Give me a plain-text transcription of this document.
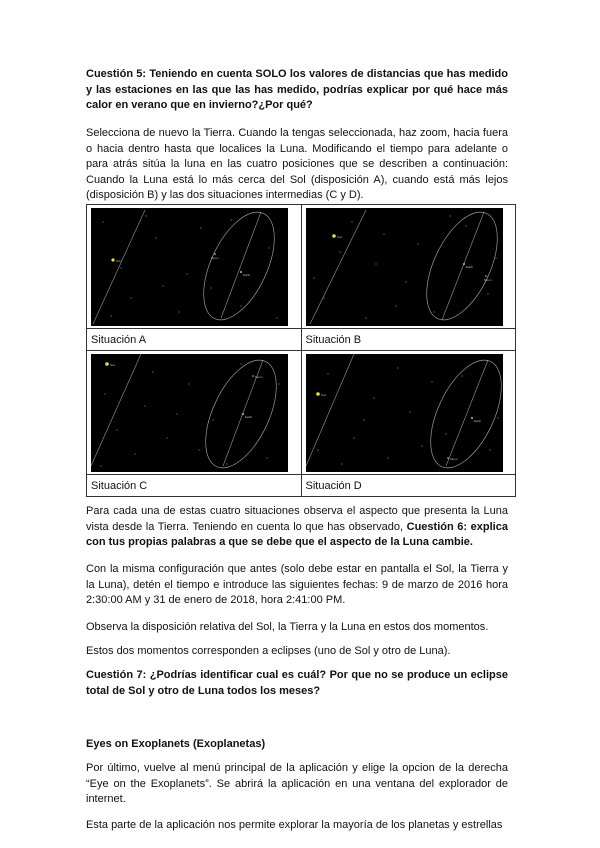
Cuestión 5: Teniendo en cuenta SOLO los valores de distancias que has medido y las estaciones en las que las has medido, podrías explicar por qué hace más calor en verano que en invierno?¿Por qué?

Selecciona de nuevo la Tierra. Cuando la tengas seleccionada, haz zoom, hacia fuera o hacia dentro hasta que localices la Luna. Modificando el tiempo para adelante o para atrás sitúa la luna en las cuatro posiciones que se describen a continuación: Cuando la Luna está lo más cerca del Sol (disposición A), cuando está más lejos (disposición B) y las dos situaciones intermedias (C y D).

Sun
Earth
Moon	Sun
Earth
Moon

Situación A	Situación B

Sun
Earth
Moon	Sun
Earth
Moon

Situación C	Situación D

Para cada una de estas cuatro situaciones observa el aspecto que presenta la Luna vista desde la Tierra. Teniendo en cuenta lo que has observado, Cuestión 6: explica con tus propias palabras a que se debe que el aspecto de la Luna cambie.

Con la misma configuración que antes (solo debe estar en pantalla el Sol, la Tierra y la Luna), detén el tiempo e introduce las siguientes fechas: 9 de marzo de 2016 hora 2:30:00 AM y 31 de enero de 2018, hora 2:41:00 PM.

Observa la disposición relativa del Sol, la Tierra y la Luna en estos dos momentos.

Estos dos momentos corresponden a eclipses (uno de Sol y otro de Luna).

Cuestión 7: ¿Podrías identificar cual es cuál? Por que no se produce un eclipse total de Sol y otro de Luna todos los meses?

Eyes on Exoplanets (Exoplanetas)

Por último, vuelve al menú principal de la aplicación y elige la opcion de la derecha “Eye on the Exoplanets”. Se abrirá la aplicación en una ventana del explorador de internet.

Esta parte de la aplicación nos permite explorar la mayoría de los planetas y estrellas
